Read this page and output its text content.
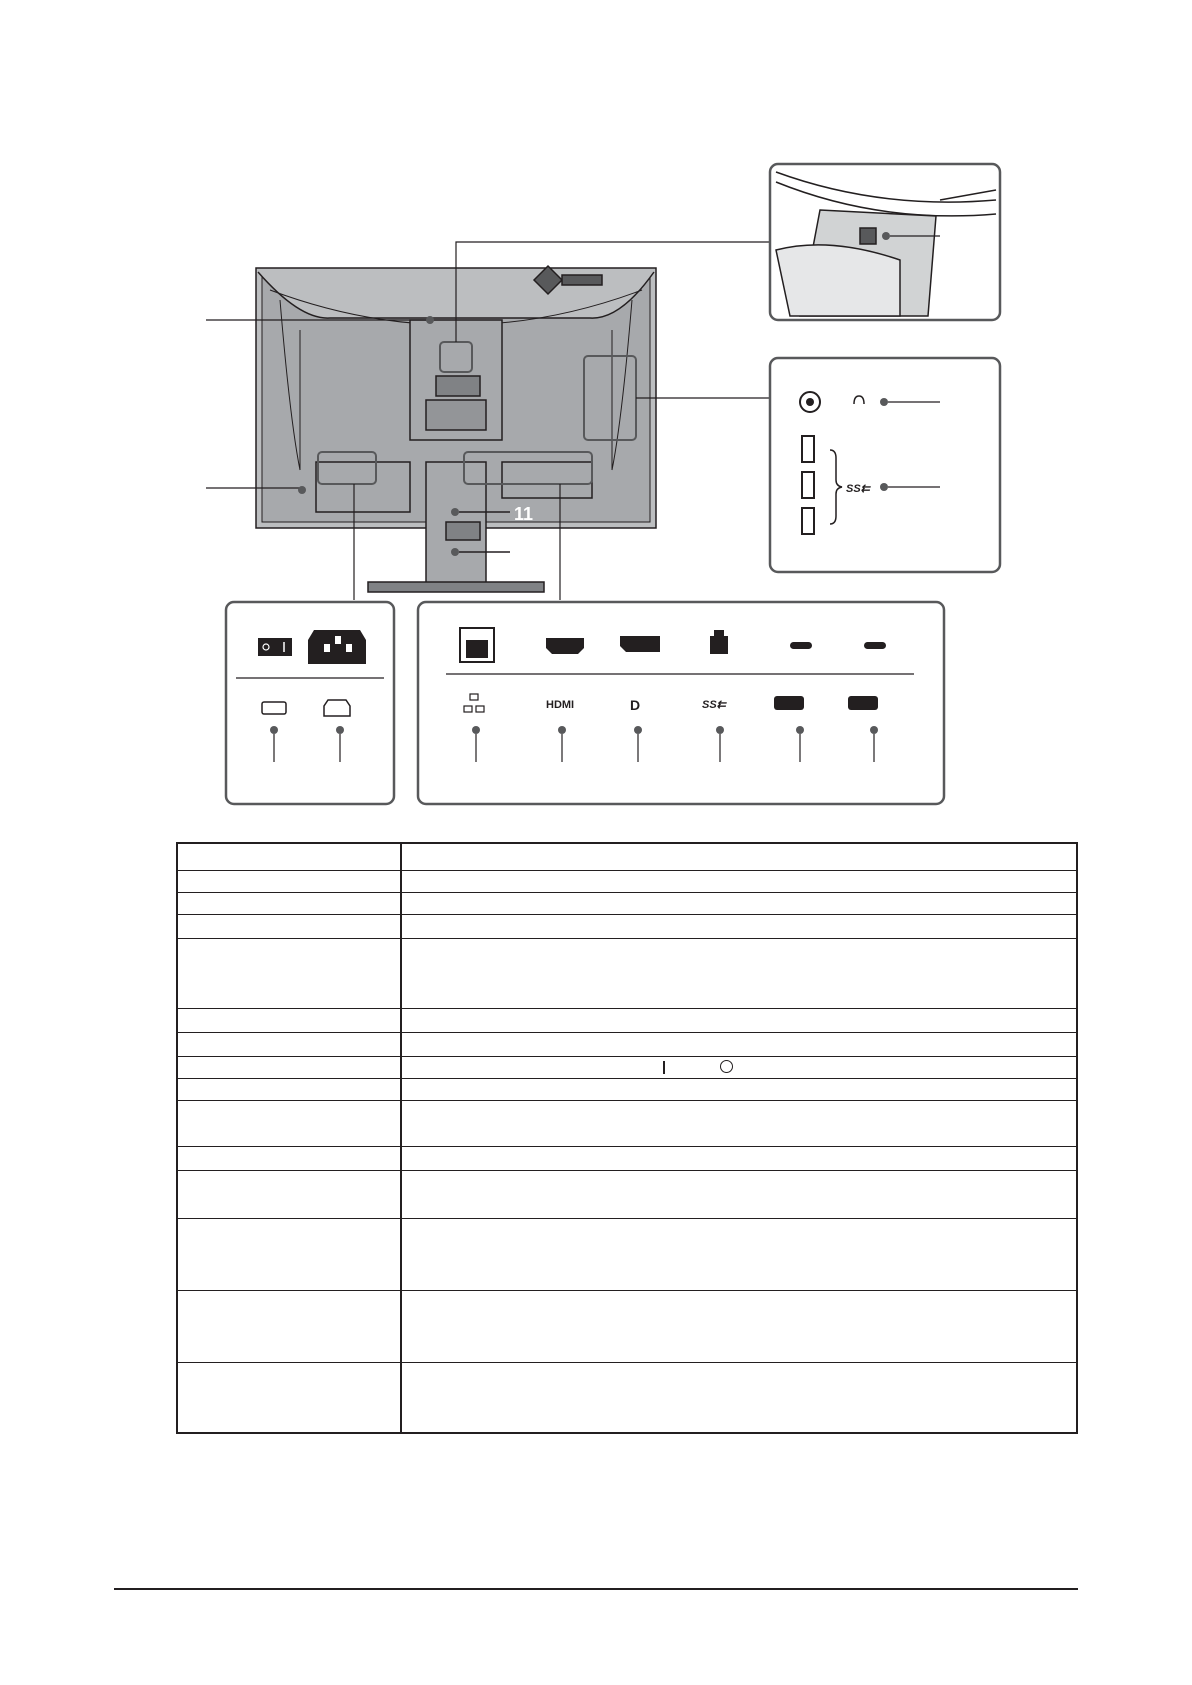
11
SS⇇
HDMI	D	SS⇇
